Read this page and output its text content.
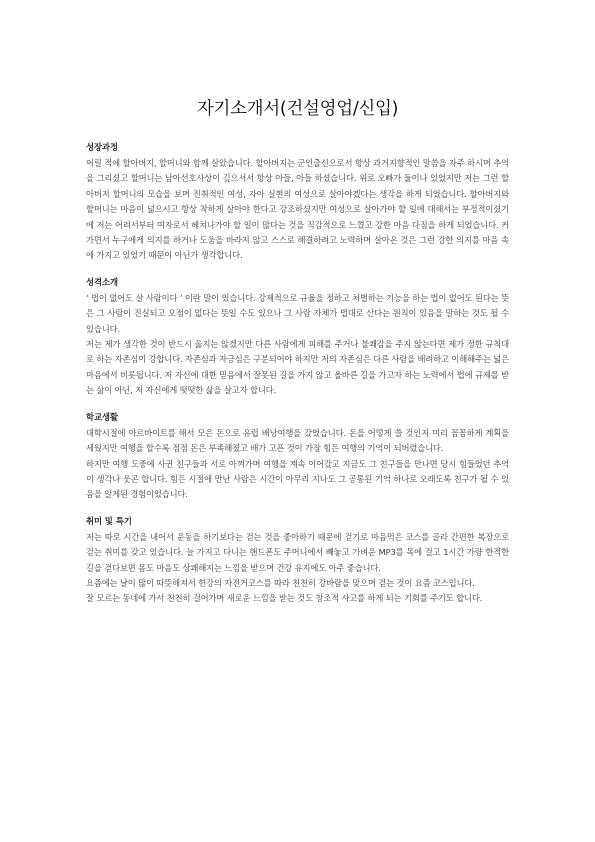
자기소개서(건설영업/신입)
성장과정

어릴 적에 할아버지, 할머니와 함께 살았습니다. 할아버지는 군인출신으로서 항상 과거지향적인 말씀을 자주 하시며 추억을 그리셨고 할머니는 남아선호사상이 깊으셔서 항상 아들, 아들 하셨습니다. 위로 오빠가 둘이나 있었지만 저는 그런 할아버지 할머니의 모습을 보며 진취적인 여성, 자아 실현의 여성으로 살아야겠다는 생각을 하게 되었습니다. 할아버지와 할머니는 마음이 넓으시고 항상 착하게 살아야 한다고 강조하셨지만 여성으로 살아가야 할 일에 대해서는 부정적이셨기에 저는 어려서부터 여자로서 헤쳐나가야 할 일이 많다는 것을 직감적으로 느꼈고 강한 마음 다짐을 하게 되었습니다. 커가면서 누구에게 의지를 하거나 도움을 바라지 않고 스스로 해결하려고 노력하며 살아온 것은 그런 강한 의지를 마음 속에 가지고 있었기 때문이 아닌가 생각합니다.

성격소개

‘ 법이 없어도 살 사람이다 ’ 이란 말이 있습니다. 강제적으로 규율을 정하고 처벌하는 기능을 하는 법이 없어도 된다는 뜻은 그 사람이 진실되고 오점이 없다는 뜻일 수도 있으나 그 사람 자체가 법대로 산다는 원칙이 있음을 말하는 것도 될 수 있습니다.

저는 제가 생각한 것이 반드시 옳지는 않겠지만 다른 사람에게 피해를 주거나 불쾌감을 주지 않는다면 제가 정한 규칙대로 하는 자존심이 강합니다. 자존심과 자긍심은 구분되어야 하지만 저의 자존심은 다른 사람을 배려하고 이해해주는 넓은 마음에서 비롯됩니다. 저 자신에 대한 믿음에서 잘못된 길을 가지 않고 올바른 길을 가고자 하는 노력에서 법에 규제를 받는 삶이 아닌, 저 자신에게 떳떳한 삶을 살고자 합니다.

학교생활

대학시절에 아르바이트를 해서 모은 돈으로 유럽 배낭여행을 갔었습니다. 돈을 어떻게 쓸 것인지 미리 꼼꼼하게 계획을 세웠지만 여행을 할수록 점점 돈은 부족해졌고 배가 고픈 것이 가장 힘든 여행의 기억이 되버렸습니다.

하지만 여행 도중에 사귄 친구들과 서로 아껴가며 여행을 계속 이어갔고 지금도 그 친구들을 만나면 당시 힘들었던 추억이 생각나 웃곤 합니다. 힘든 시절에 만난 사람은 시간이 아무리 지나도 그 공통된 기억 하나로 오래도록 친구가 될 수 있음을 알게된 경험이었습니다.

취미 및 특기

저는 따로 시간을 내어서 운동을 하기보다는 걷는 것을 좋아하기 때문에 걷기로 마음먹은 코스를 골라 간편한 복장으로 걷는 취미를 갖고 있습니다. 늘 가지고 다니는 핸드폰도 주머니에서 빼놓고 가벼운 MP3를 목에 걸고 1시간 가량 한적한 길을 걷다보면 몸도 마음도 상쾌해지는 느낌을 받으며 건강 유지에도 아주 좋습니다.

요즘에는 날이 많이 따뜻해져서 한강의 자전거코스를 따라 천천히 강바람을 맞으며 걷는 것이 요즘 코스입니다.

잘 모르는 동네에 가서 천천히 걸어가며 새로운 느낌을 받는 것도 창조적 사고를 하게 되는 기회를 주기도 합니다.
